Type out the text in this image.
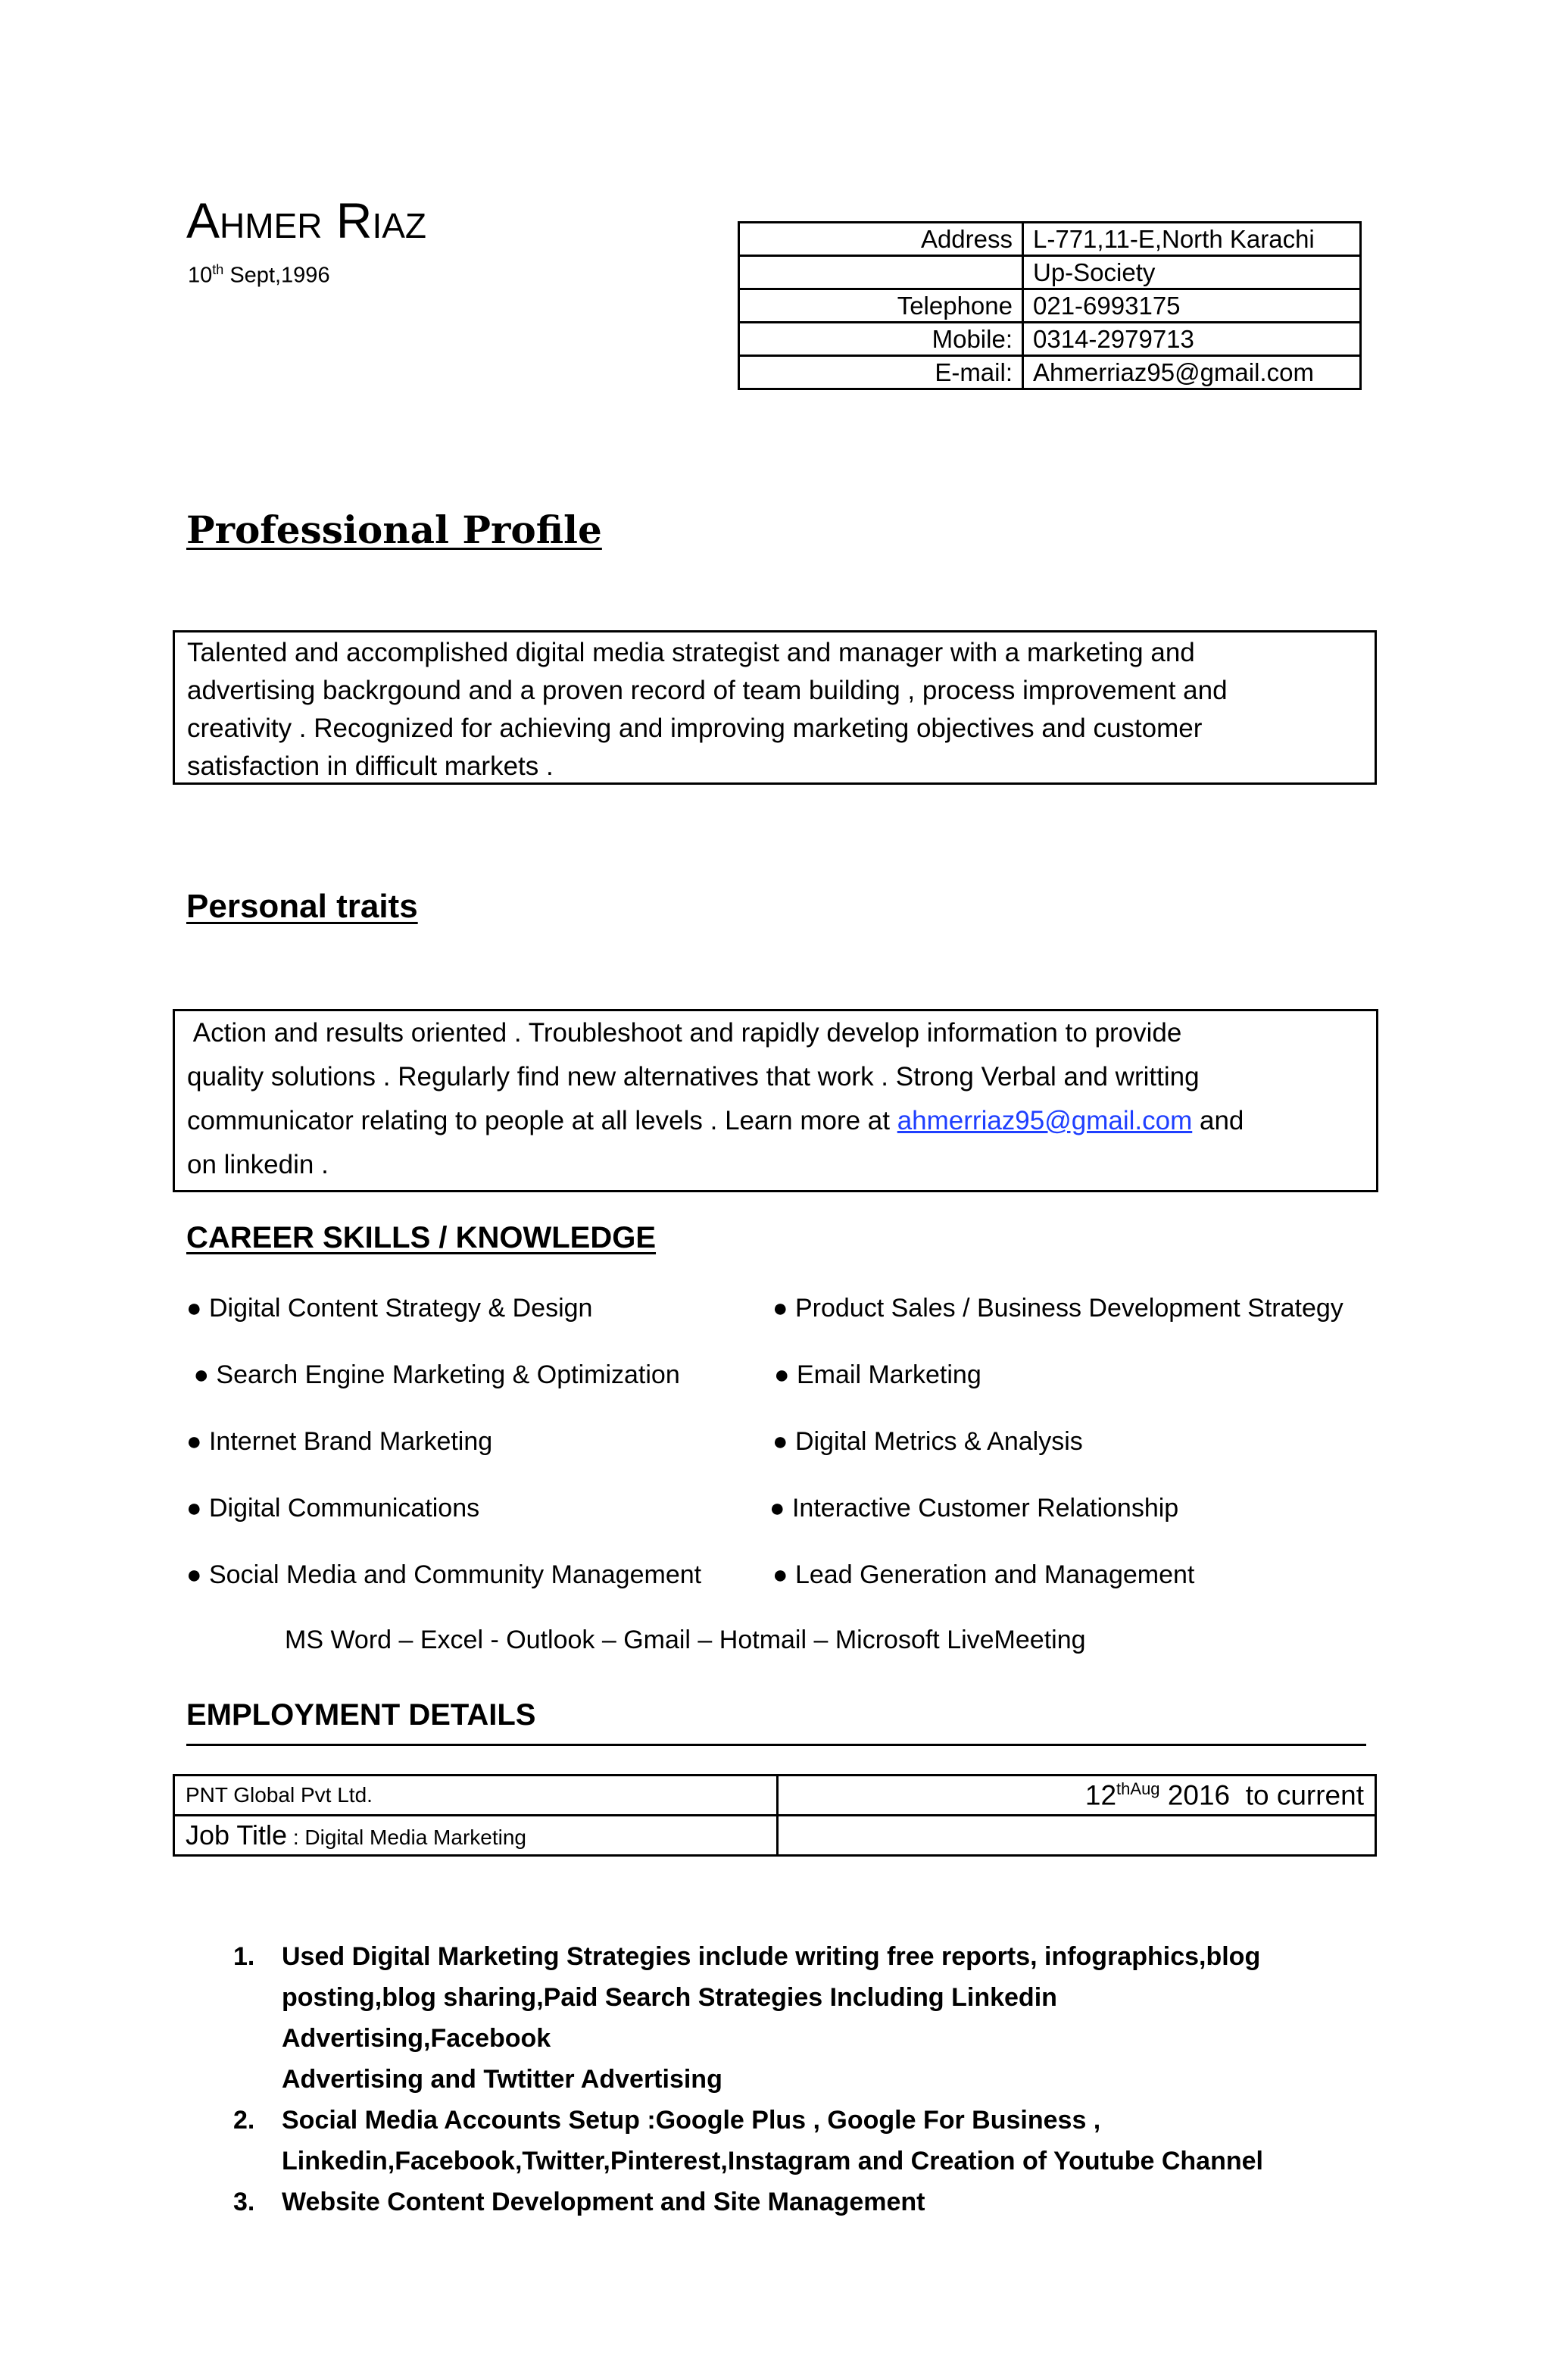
Ahmer Riaz
10th Sept,1996
Address	L-771,11-E,North Karachi
	Up-Society
Telephone	021-6993175
Mobile:	0314-2979713
E-mail:	Ahmerriaz95@gmail.com
Professional Profile

Talented and accomplished digital media strategist and manager with a marketing and

advertising backrgound and a proven record of team building , process improvement and

creativity . Recognized for achieving and improving marketing objectives and customer

satisfaction in difficult markets .

Personal traits

Action and results oriented . Troubleshoot and rapidly develop information to provide

quality solutions . Regularly find new alternatives that work . Strong Verbal and writting

communicator relating to people at all levels . Learn more at ahmerriaz95@gmail.com and

on linkedin .

CAREER SKILLS / KNOWLEDGE
● Digital Content Strategy & Design
● Search Engine Marketing & Optimization
● Internet Brand Marketing
● Digital Communications
● Social Media and Community Management
● Product Sales / Business Development Strategy
● Email Marketing
● Digital Metrics & Analysis
● Interactive Customer Relationship
● Lead Generation and Management
MS Word – Excel - Outlook – Gmail – Hotmail – Microsoft LiveMeeting
EMPLOYMENT DETAILS
PNT Global Pvt Ltd.	$12^{thAug}$ 2016  to current
Job Title : Digital Media Marketing	
1. Used Digital Marketing Strategies include writing free reports, infographics,blog
posting,blog sharing,Paid Search Strategies Including Linkedin Advertising,Facebook
Advertising and Twtitter Advertising
2. Social Media Accounts Setup :Google Plus , Google For Business ,
Linkedin,Facebook,Twitter,Pinterest,Instagram and Creation of Youtube Channel
3. Website Content Development and Site Management
